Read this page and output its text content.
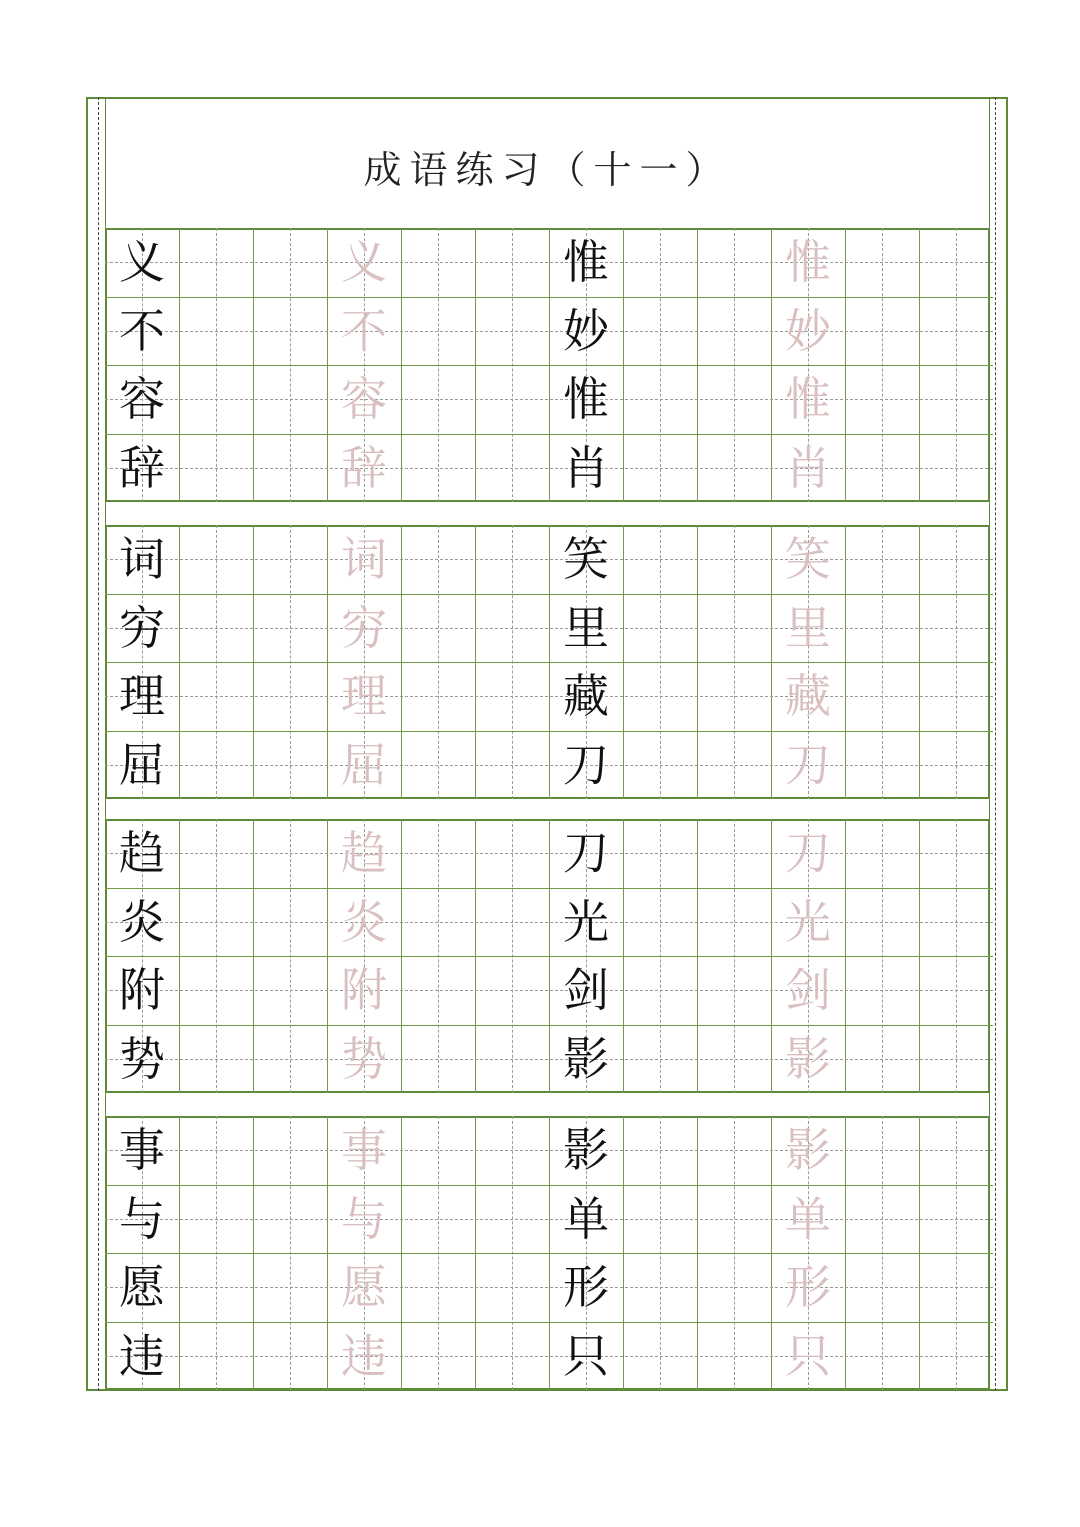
成语练习（十一）
义
不
容
辞
义
不
容
辞
惟
妙
惟
肖
惟
妙
惟
肖
词
穷
理
屈
词
穷
理
屈
笑
里
藏
刀
笑
里
藏
刀
趋
炎
附
势
趋
炎
附
势
刀
光
剑
影
刀
光
剑
影
事
与
愿
违
事
与
愿
违
影
单
形
只
影
单
形
只
